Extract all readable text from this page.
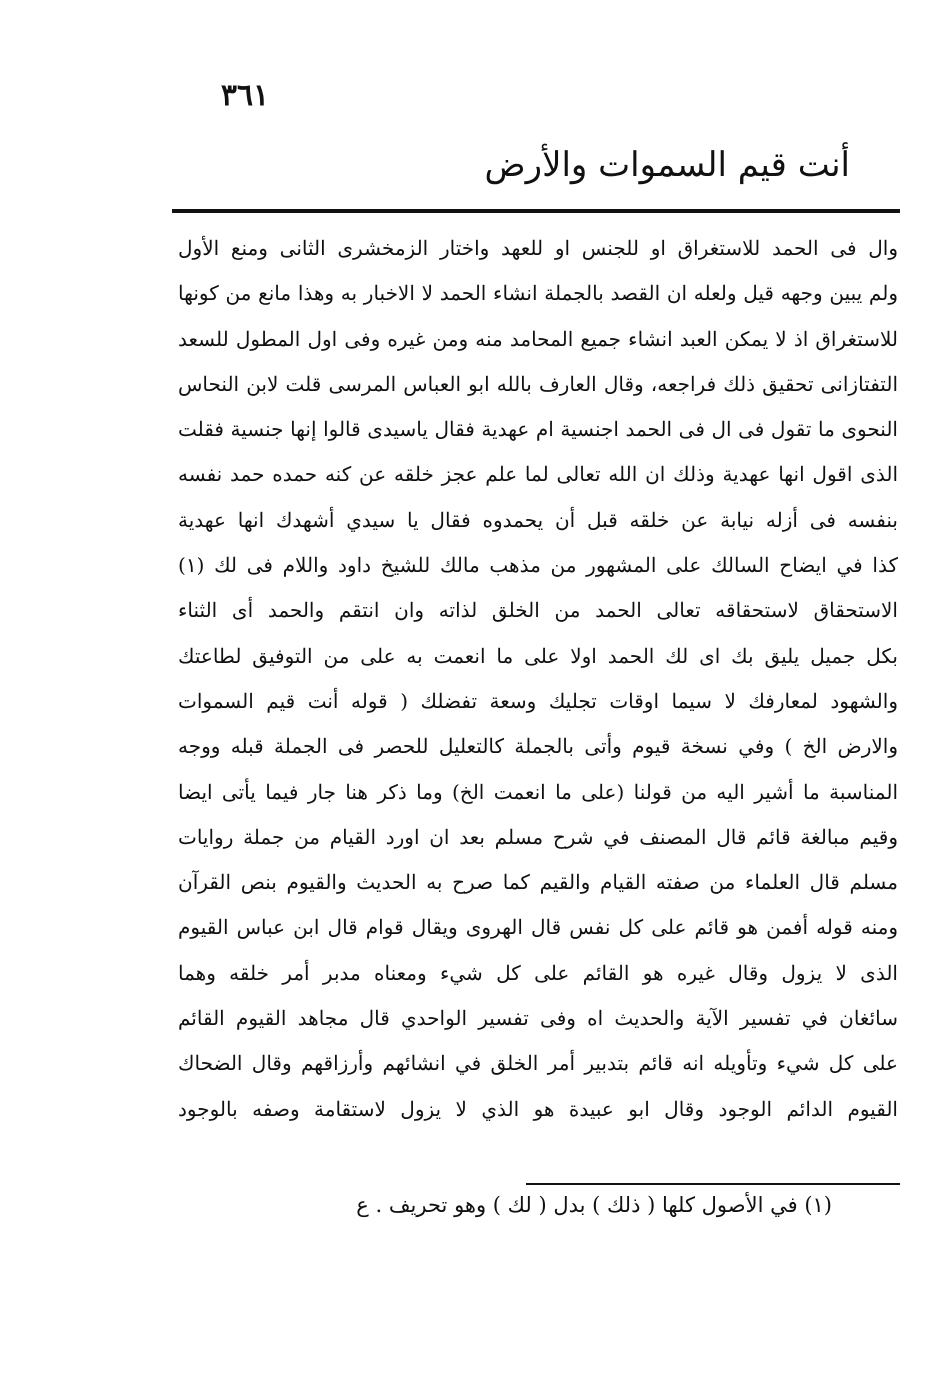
٣٦١
أنت قيم السموات والأرض
وال فى الحمد للاستغراق او للجنس او للعهد واختار الزمخشرى الثانى ومنع الأول
ولم يبين وجهه قيل ولعله ان القصد بالجملة انشاء الحمد لا الاخبار به وهذا مانع من كونها
للاستغراق اذ لا يمكن العبد انشاء جميع المحامد منه ومن غيره وفى اول المطول للسعد
التفتازانى تحقيق ذلك فراجعه، وقال العارف بالله ابو العباس المرسى قلت لابن النحاس
النحوى ما تقول فى ال فى الحمد اجنسية ام عهدية فقال ياسيدى قالوا إنها جنسية فقلت
الذى اقول انها عهدية وذلك ان الله تعالى لما علم عجز خلقه عن كنه حمده حمد نفسه
بنفسه فى أزله نيابة عن خلقه قبل أن يحمدوه فقال يا سيدي أشهدك انها عهدية
كذا في ايضاح السالك على المشهور من مذهب مالك للشيخ داود واللام فى لك (١)
الاستحقاق لاستحقاقه تعالى الحمد من الخلق لذاته وان انتقم والحمد أى الثناء
بكل جميل يليق بك اى لك الحمد اولا على ما انعمت به على من التوفيق لطاعتك
والشهود لمعارفك لا سيما اوقات تجليك وسعة تفضلك ( قوله أنت قيم السموات
والارض الخ ) وفي نسخة قيوم وأتى بالجملة كالتعليل للحصر فى الجملة قبله ووجه
المناسبة ما أشير اليه من قولنا (على ما انعمت الخ) وما ذكر هنا جار فيما يأتى ايضا
وقيم مبالغة قائم قال المصنف في شرح مسلم بعد ان اورد القيام من جملة روايات
مسلم قال العلماء من صفته القيام والقيم كما صرح به الحديث والقيوم بنص القرآن
ومنه قوله أفمن هو قائم على كل نفس قال الهروى ويقال قوام قال ابن عباس القيوم
الذى لا يزول وقال غيره هو القائم على كل شيء ومعناه مدبر أمر خلقه وهما
سائغان في تفسير الآية والحديث اه وفى تفسير الواحدي قال مجاهد القيوم القائم
على كل شيء وتأويله انه قائم بتدبير أمر الخلق في انشائهم وأرزاقهم وقال الضحاك
القيوم الدائم الوجود وقال ابو عبيدة هو الذي لا يزول لاستقامة وصفه بالوجود
(١) في الأصول كلها ( ذلك ) بدل ( لك ) وهو تحريف . ع
